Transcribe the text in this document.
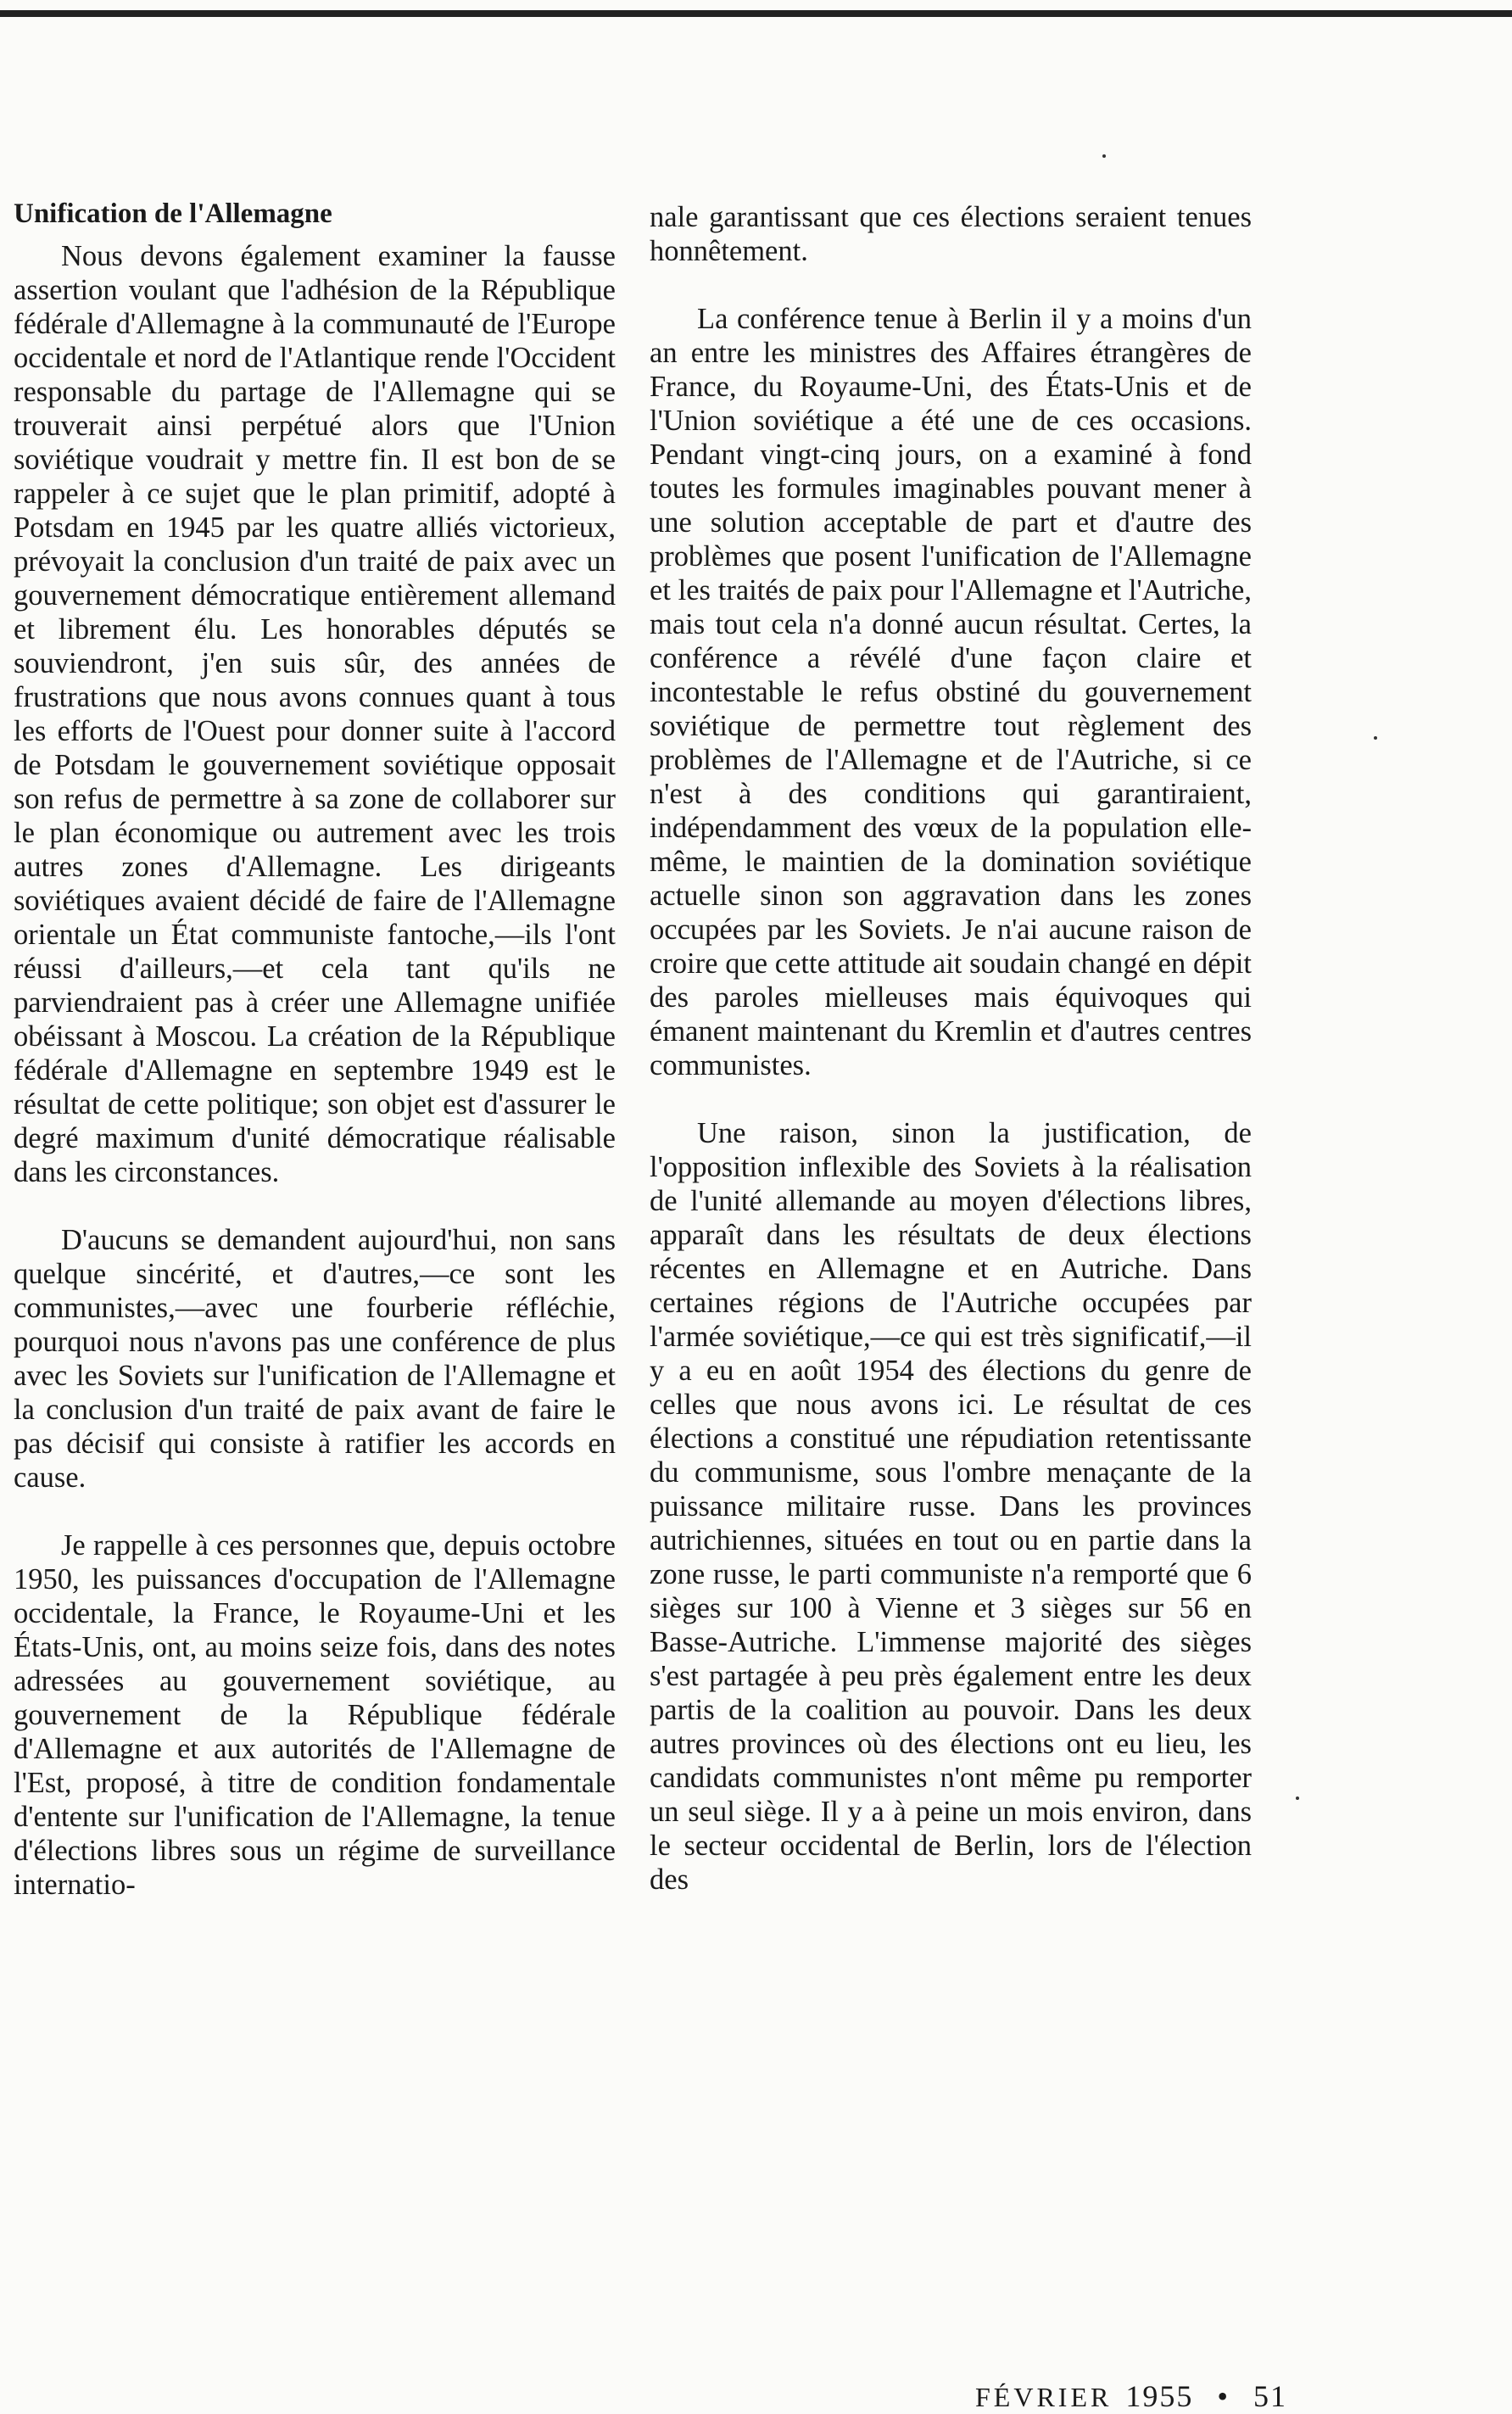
Unification de l'Allemagne

Nous devons également examiner la fausse assertion voulant que l'adhésion de la République fédérale d'Allemagne à la communauté de l'Europe occidentale et nord de l'Atlantique rende l'Occident responsable du partage de l'Allemagne qui se trouverait ainsi perpétué alors que l'Union soviétique voudrait y mettre fin. Il est bon de se rappeler à ce sujet que le plan primitif, adopté à Potsdam en 1945 par les quatre alliés victorieux, prévoyait la conclusion d'un traité de paix avec un gouvernement démocratique entièrement allemand et librement élu. Les honorables députés se souviendront, j'en suis sûr, des années de frustrations que nous avons connues quant à tous les efforts de l'Ouest pour donner suite à l'accord de Potsdam le gouvernement soviétique opposait son refus de permettre à sa zone de collaborer sur le plan économique ou autrement avec les trois autres zones d'Allemagne. Les dirigeants soviétiques avaient décidé de faire de l'Allemagne orientale un État communiste fantoche,—ils l'ont réussi d'ailleurs,—et cela tant qu'ils ne parviendraient pas à créer une Allemagne unifiée obéissant à Moscou. La création de la République fédérale d'Allemagne en septembre 1949 est le résultat de cette politique; son objet est d'assurer le degré maximum d'unité démocratique réalisable dans les circonstances.

D'aucuns se demandent aujourd'hui, non sans quelque sincérité, et d'autres,—ce sont les communistes,—avec une fourberie réfléchie, pourquoi nous n'avons pas une conférence de plus avec les Soviets sur l'unification de l'Allemagne et la conclusion d'un traité de paix avant de faire le pas décisif qui consiste à ratifier les accords en cause.

Je rappelle à ces personnes que, depuis octobre 1950, les puissances d'occupation de l'Allemagne occidentale, la France, le Royaume-Uni et les États-Unis, ont, au moins seize fois, dans des notes adressées au gouvernement soviétique, au gouvernement de la République fédérale d'Allemagne et aux autorités de l'Allemagne de l'Est, proposé, à titre de condition fondamentale d'entente sur l'unification de l'Allemagne, la tenue d'élections libres sous un régime de surveillance internatio-

nale garantissant que ces élections seraient tenues honnêtement.

La conférence tenue à Berlin il y a moins d'un an entre les ministres des Affaires étrangères de France, du Royaume-Uni, des États-Unis et de l'Union soviétique a été une de ces occasions. Pendant vingt-cinq jours, on a examiné à fond toutes les formules imaginables pouvant mener à une solution acceptable de part et d'autre des problèmes que posent l'unification de l'Allemagne et les traités de paix pour l'Allemagne et l'Autriche, mais tout cela n'a donné aucun résultat. Certes, la conférence a révélé d'une façon claire et incontestable le refus obstiné du gouvernement soviétique de permettre tout règlement des problèmes de l'Allemagne et de l'Autriche, si ce n'est à des conditions qui garantiraient, indépendamment des vœux de la population elle-même, le maintien de la domination soviétique actuelle sinon son aggravation dans les zones occupées par les Soviets. Je n'ai aucune raison de croire que cette attitude ait soudain changé en dépit des paroles mielleuses mais équivoques qui émanent maintenant du Kremlin et d'autres centres communistes.

Une raison, sinon la justification, de l'opposition inflexible des Soviets à la réalisation de l'unité allemande au moyen d'élections libres, apparaît dans les résultats de deux élections récentes en Allemagne et en Autriche. Dans certaines régions de l'Autriche occupées par l'armée soviétique,—ce qui est très significatif,—il y a eu en août 1954 des élections du genre de celles que nous avons ici. Le résultat de ces élections a constitué une répudiation retentissante du communisme, sous l'ombre menaçante de la puissance militaire russe. Dans les provinces autrichiennes, situées en tout ou en partie dans la zone russe, le parti communiste n'a remporté que 6 sièges sur 100 à Vienne et 3 sièges sur 56 en Basse-Autriche. L'immense majorité des sièges s'est partagée à peu près également entre les deux partis de la coalition au pouvoir. Dans les deux autres provinces où des élections ont eu lieu, les candidats communistes n'ont même pu remporter un seul siège. Il y a à peine un mois environ, dans le secteur occidental de Berlin, lors de l'élection des

FÉVRIER 1955 • 51
